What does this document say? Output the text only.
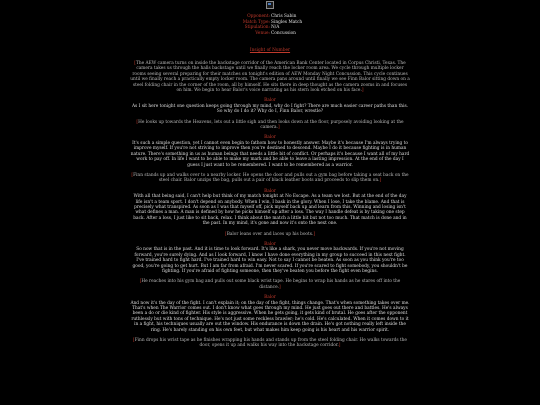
Opponent: Chris Sabin
Match Type: Singles Match
Stipulation: N/A
Venue: Concussion
Insight of Number

[The AEW camera turns on inside the backstage corridor of the American Bank Center located in Corpus Christi, Texas. The camera takes us through the halls backstage until we finally reach the locker room area. We cycle through multiple locker rooms seeing several preparing for their matches on tonight's edition of AEW Monday Night Concussion. This cycle continues until we finally reach a practically empty locker room. The camera pans around until finally we see Finn Balor sitting down on a steel folding chair in the corner of the room, all by himself. He sits there in deep thought as the camera zooms in and focuses on him. We begin to hear Balor's voice narrating as his stern look etched on his face.]

Balor

As I sit here tonight one question keeps going through my mind, why do I fight? There are much easier career paths than this. So why do I do it? Why do I, Finn Balor, wrestle?

[He looks up towards the Heavens, lets out a little sigh and then looks down at the floor, purposely avoiding looking at the camera.]

Balor

It's such a simple question, yet I cannot even begin to fathom how to honestly answer. Maybe it's because I'm always trying to improve myself. If you're not striving to improve then you're destined to descend. Maybe I do it because fighting is in human nature. There's something in us as human beings that needs a little bit of conflict. Or perhaps it's because I want all of my hard work to pay off. In life I want to be able to make my mark and be able to leave a lasting impression. At the end of the day I guess I just want to be remembered. I want to be remembered as a warrior.

[Finn stands up and walks over to a nearby locker. He opens the door and pulls out a gym bag before taking a seat back on the steel chair. Balor unzips the bag, pulls out a pair of black leather boots and proceeds to slip them on.]

Balor

With all that being said, I can't help but think of my match tonight at No Escape. As a team we lost. But at the end of the day life isn't a team sport. I don't depend on anybody. When I win, I bask in the glory. When I lose, I take the blame. And that is precisely what transpired. As soon as I was that myself off, pick myself back up and learn from this. Winning and losing isn't what defines a man. A man is defined by how he picks himself up after a loss. The way I handle defeat is by taking one step back. After a loss, I just like to sit back, relax. I think about the match a little bit but not too much. That match is done and in the past. In my mind, it's gone and now it's onto the next one.

[Balor leans over and laces up his boots.]

Balor

So now that is in the past. And it is time to look forward. It's like a shark, you never move backwards. If you're not moving forward, you're surely dying. And as I look forward, I know I have done everything in my group to succeed in this next fight. I've trained hard to fight hard. I've trained hard to win easy. Not to say I cannot be beaten. As soon as you think you're too good, you're going to get hurt. But I am far from afraid. I'm never scared. If you're scared to fight somebody, you shouldn't be fighting. If you're afraid of fighting someone, then they've beaten you before the fight even begins.

[He reaches into his gym bag and pulls out some black wrist tape. He begins to wrap his hands as he stares off into the distance.]

Balor

And now it's the day of the fight. I can't explain it; on the day of the fight, things change. That's when something takes over me. That's when The Warrior comes out. I don't know what goes through my mind. He just goes out there and battles. He's always been a do or die kind of fighter. His style is aggressive. When he gets going, it gets kind of brutal. He goes after the opponent ruthlessly but with tons of technique. He's not just some reckless brawler; he's cold. He's calculated. When it comes down to it in a fight, his techniques usually are out the window. His endurance is down the drain. He's got nothing really left inside the ring. He's barely standing on his own feet, but what makes him keep going is his heart and his warrior spirit.

[Finn drops his wrist tape as he finishes wrapping his hands and stands up from the steel folding chair. He walks towards the door, opens it up and walks his way into the backstage corridor.]
